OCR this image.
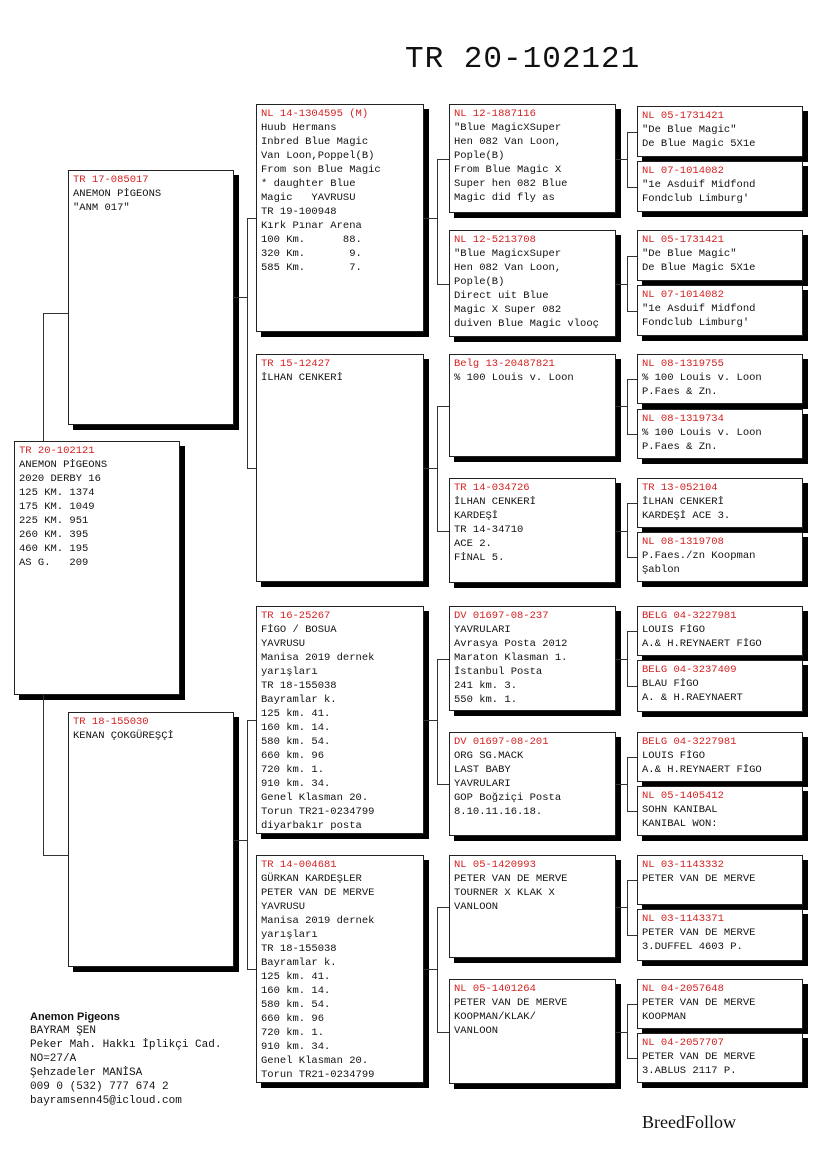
TR 20-102121
TR 20-102121
ANEMON PİGEONS
2020 DERBY 16
125 KM. 1374
175 KM. 1049
225 KM. 951
260 KM. 395
460 KM. 195
AS G.   209
TR 17-085017
ANEMON PİGEONS
"ANM 017"
TR 18-155030
KENAN ÇOKGÜREŞÇİ
NL 14-1304595 (M)
Huub Hermans
Inbred Blue Magic
Van Loon,Poppel(B)
From son Blue Magic
* daughter Blue
Magic   YAVRUSU
TR 19-100948
Kırk Pınar Arena
100 Km.      88.
320 Km.       9.
585 Km.       7.
TR 15-12427
İLHAN CENKERİ
TR 16-25267
FİGO / BOSUA
YAVRUSU
Manisa 2019 dernek
yarışları
TR 18-155038
Bayramlar k.
125 km. 41.
160 km. 14.
580 km. 54.
660 km. 96
720 km. 1.
910 km. 34.
Genel Klasman 20.
Torun TR21-0234799
diyarbakır posta
TR 14-004681
GÜRKAN KARDEŞLER
PETER VAN DE MERVE
YAVRUSU
Manisa 2019 dernek
yarışları
TR 18-155038
Bayramlar k.
125 km. 41.
160 km. 14.
580 km. 54.
660 km. 96
720 km. 1.
910 km. 34.
Genel Klasman 20.
Torun TR21-0234799
NL 12-1887116
"Blue MagicXSuper
Hen 082 Van Loon,
Pople(B)
From Blue Magic X
Super hen 082 Blue
Magic did fly as
NL 12-5213708
"Blue MagicxSuper
Hen 082 Van Loon,
Pople(B)
Direct uit Blue
Magic X Super 082
duiven Blue Magic vlooç
Belg 13-20487821
% 100 Louis v. Loon
TR 14-034726
İLHAN CENKERİ
KARDEŞİ
TR 14-34710
ACE 2.
FİNAL 5.
DV 01697-08-237
YAVRULARI
Avrasya Posta 2012
Maraton Klasman 1.
İstanbul Posta
241 km. 3.
550 km. 1.
DV 01697-08-201
ORG SG.MACK
LAST BABY
YAVRULARI
GOP Boğziçi Posta
8.10.11.16.18.
NL 05-1420993
PETER VAN DE MERVE
TOURNER X KLAK X
VANLOON
NL 05-1401264
PETER VAN DE MERVE
KOOPMAN/KLAK/
VANLOON
NL 05-1731421
"De Blue Magic"
De Blue Magic 5X1e
NL 07-1014082
"1e Asduif Midfond
Fondclub Limburg'
NL 05-1731421
"De Blue Magic"
De Blue Magic 5X1e
NL 07-1014082
"1e Asduif Midfond
Fondclub Limburg'
NL 08-1319755
% 100 Louis v. Loon
P.Faes & Zn.
NL 08-1319734
% 100 Louis v. Loon
P.Faes & Zn.
TR 13-052104
İLHAN CENKERİ
KARDEŞİ ACE 3.
NL 08-1319708
P.Faes./zn Koopman
Şablon
BELG 04-3227981
LOUIS FİGO
A.& H.REYNAERT FİGO
BELG 04-3237409
BLAU FİGO
A. & H.RAEYNAERT
BELG 04-3227981
LOUIS FİGO
A.& H.REYNAERT FİGO
NL 05-1405412
SOHN KANIBAL
KANIBAL WON:
NL 03-1143332
PETER VAN DE MERVE
NL 03-1143371
PETER VAN DE MERVE
3.DUFFEL 4603 P.
NL 04-2057648
PETER VAN DE MERVE
KOOPMAN
NL 04-2057707
PETER VAN DE MERVE
3.ABLUS 2117 P.
Anemon Pigeons
BAYRAM ŞEN
Peker Mah. Hakkı İplikçi Cad.
NO=27/A
Şehzadeler MANİSA
009 0 (532) 777 674 2
bayramsenn45@icloud.com
BreedFollow
